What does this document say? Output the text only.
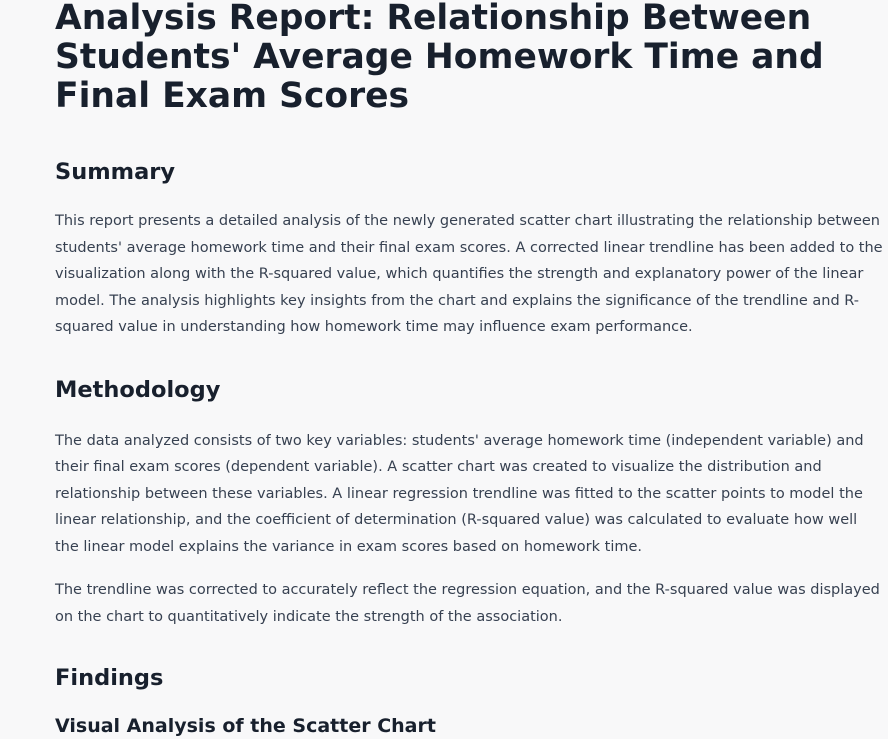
Analysis Report: Relationship Between Students' Average Homework Time and Final Exam Scores
Summary

This report presents a detailed analysis of the newly generated scatter chart illustrating the relationship between students' average homework time and their final exam scores. A corrected linear trendline has been added to the visualization along with the R-squared value, which quantifies the strength and explanatory power of the linear model. The analysis highlights key insights from the chart and explains the significance of the trendline and R-squared value in understanding how homework time may influence exam performance.

Methodology

The data analyzed consists of two key variables: students' average homework time (independent variable) and their final exam scores (dependent variable). A scatter chart was created to visualize the distribution and relationship between these variables. A linear regression trendline was fitted to the scatter points to model the linear relationship, and the coefficient of determination (R-squared value) was calculated to evaluate how well the linear model explains the variance in exam scores based on homework time.

The trendline was corrected to accurately reflect the regression equation, and the R-squared value was displayed on the chart to quantitatively indicate the strength of the association.

Findings
Visual Analysis of the Scatter Chart
